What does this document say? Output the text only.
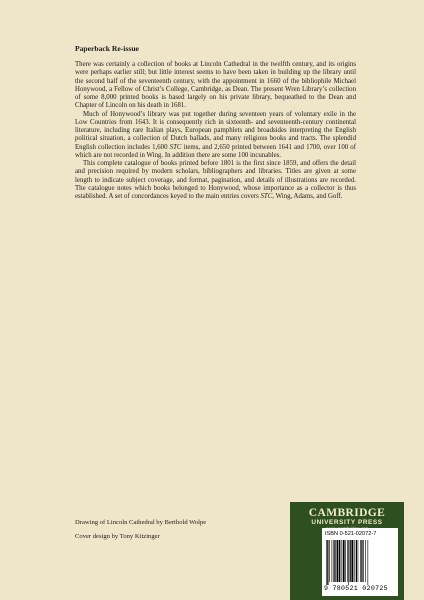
Paperback Re-issue

There was certainly a collection of books at Lincoln Cathedral in the twelfth century, and its origins were perhaps earlier still; but little interest seems to have been taken in building up the library until the second half of the seventeenth century, with the appointment in 1660 of the bibliophile Michael Honywood, a Fellow of Christ’s College, Cambridge, as Dean. The present Wren Library’s collection of some 8,000 printed books is based largely on his private library, bequeathed to the Dean and Chapter of Lincoln on his death in 1681.

Much of Honywood’s library was put together during seventeen years of voluntary exile in the Low Countries from 1643. It is consequently rich in sixteenth- and seventeenth-century continental literature, including rare Italian plays, European pamphlets and broadsides interpreting the English political situation, a collection of Dutch ballads, and many religious books and tracts. The splendid English collection includes 1,600 STC items, and 2,650 printed between 1641 and 1700, over 100 of which are not recorded in Wing. In addition there are some 100 incunables.

This complete catalogue of books printed before 1801 is the first since 1859, and offers the detail and precision required by modern scholars, bibliographers and libraries. Titles are given at some length to indicate subject coverage, and format, pagination, and details of illustrations are recorded. The catalogue notes which books belonged to Honywood, whose importance as a collector is thus established. A set of concordances keyed to the main entries covers STC, Wing, Adams, and Goff.

Drawing of Lincoln Cathedral by Berthold Wolpe

Cover design by Tony Kitzinger

CAMBRIDGE
UNIVERSITY PRESS
ISBN 0-521-02072-7
9 780521 020725
